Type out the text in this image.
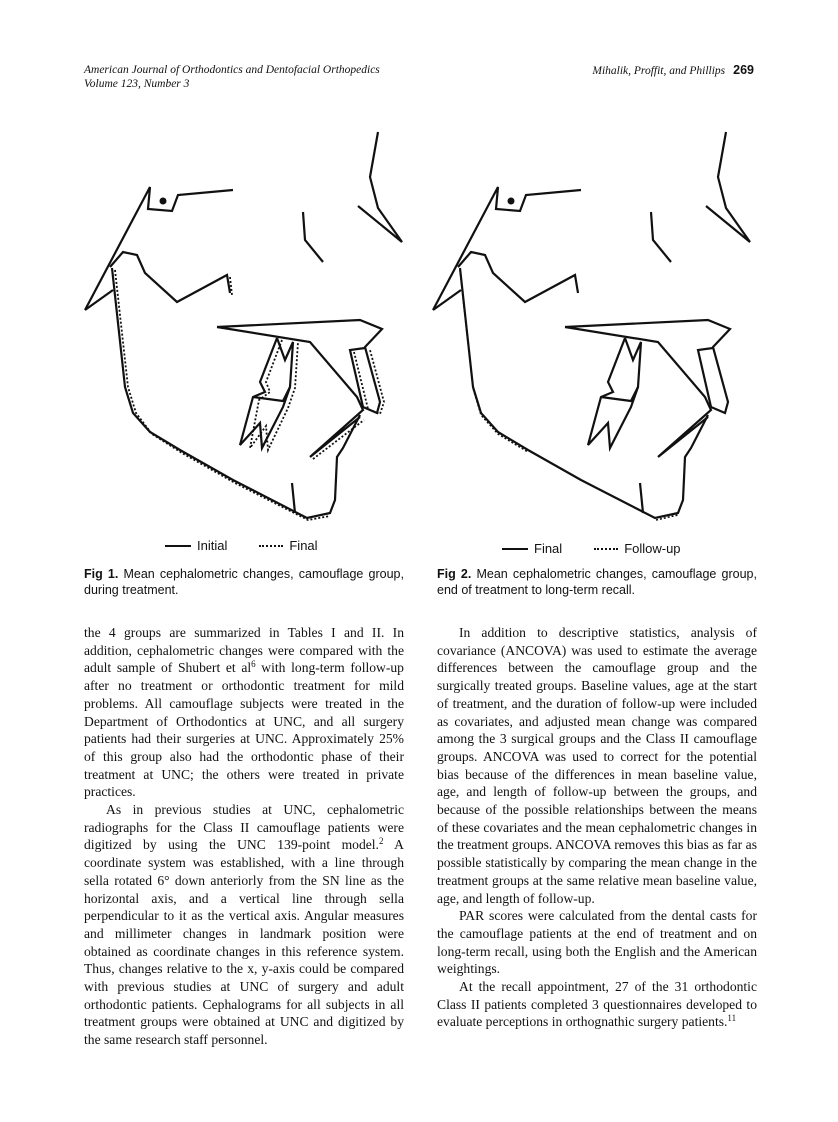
American Journal of Orthodontics and Dentofacial Orthopedics
Volume 123, Number 3
Mihalik, Proffit, and Phillips 269
Initial	Final	Final	Follow-up
Fig 1. Mean cephalometric changes, camouflage group, during treatment.
Fig 2. Mean cephalometric changes, camouflage group, end of treatment to long-term recall.

the 4 groups are summarized in Tables I and II. In addition, cephalometric changes were compared with the adult sample of Shubert et $al^6$ with long-term follow-up after no treatment or orthodontic treatment for mild problems. All camouflage subjects were treated in the Department of Orthodontics at UNC, and all surgery patients had their surgeries at UNC. Approximately 25% of this group also had the orthodontic phase of their treatment at UNC; the others were treated in private practices.

As in previous studies at UNC, cephalometric radiographs for the Class II camouflage patients were digitized by using the UNC 139-point model.$^2$ A coordinate system was established, with a line through sella rotated 6° down anteriorly from the SN line as the horizontal axis, and a vertical line through sella perpendicular to it as the vertical axis. Angular measures and millimeter changes in landmark position were obtained as coordinate changes in this reference system. Thus, changes relative to the x, y-axis could be compared with previous studies at UNC of surgery and adult orthodontic patients. Cephalograms for all subjects in all treatment groups were obtained at UNC and digitized by the same research staff personnel.

In addition to descriptive statistics, analysis of covariance (ANCOVA) was used to estimate the average differences between the camouflage group and the surgically treated groups. Baseline values, age at the start of treatment, and the duration of follow-up were included as covariates, and adjusted mean change was compared among the 3 surgical groups and the Class II camouflage groups. ANCOVA was used to correct for the potential bias because of the differences in mean baseline value, age, and length of follow-up between the groups, and because of the possible relationships between the means of these covariates and the mean cephalometric changes in the treatment groups. ANCOVA removes this bias as far as possible statistically by comparing the mean change in the treatment groups at the same relative mean baseline value, age, and length of follow-up.

PAR scores were calculated from the dental casts for the camouflage patients at the end of treatment and on long-term recall, using both the English and the American weightings.

At the recall appointment, 27 of the 31 orthodontic Class II patients completed 3 questionnaires developed to evaluate perceptions in orthognathic surgery patients.$^{11}$
